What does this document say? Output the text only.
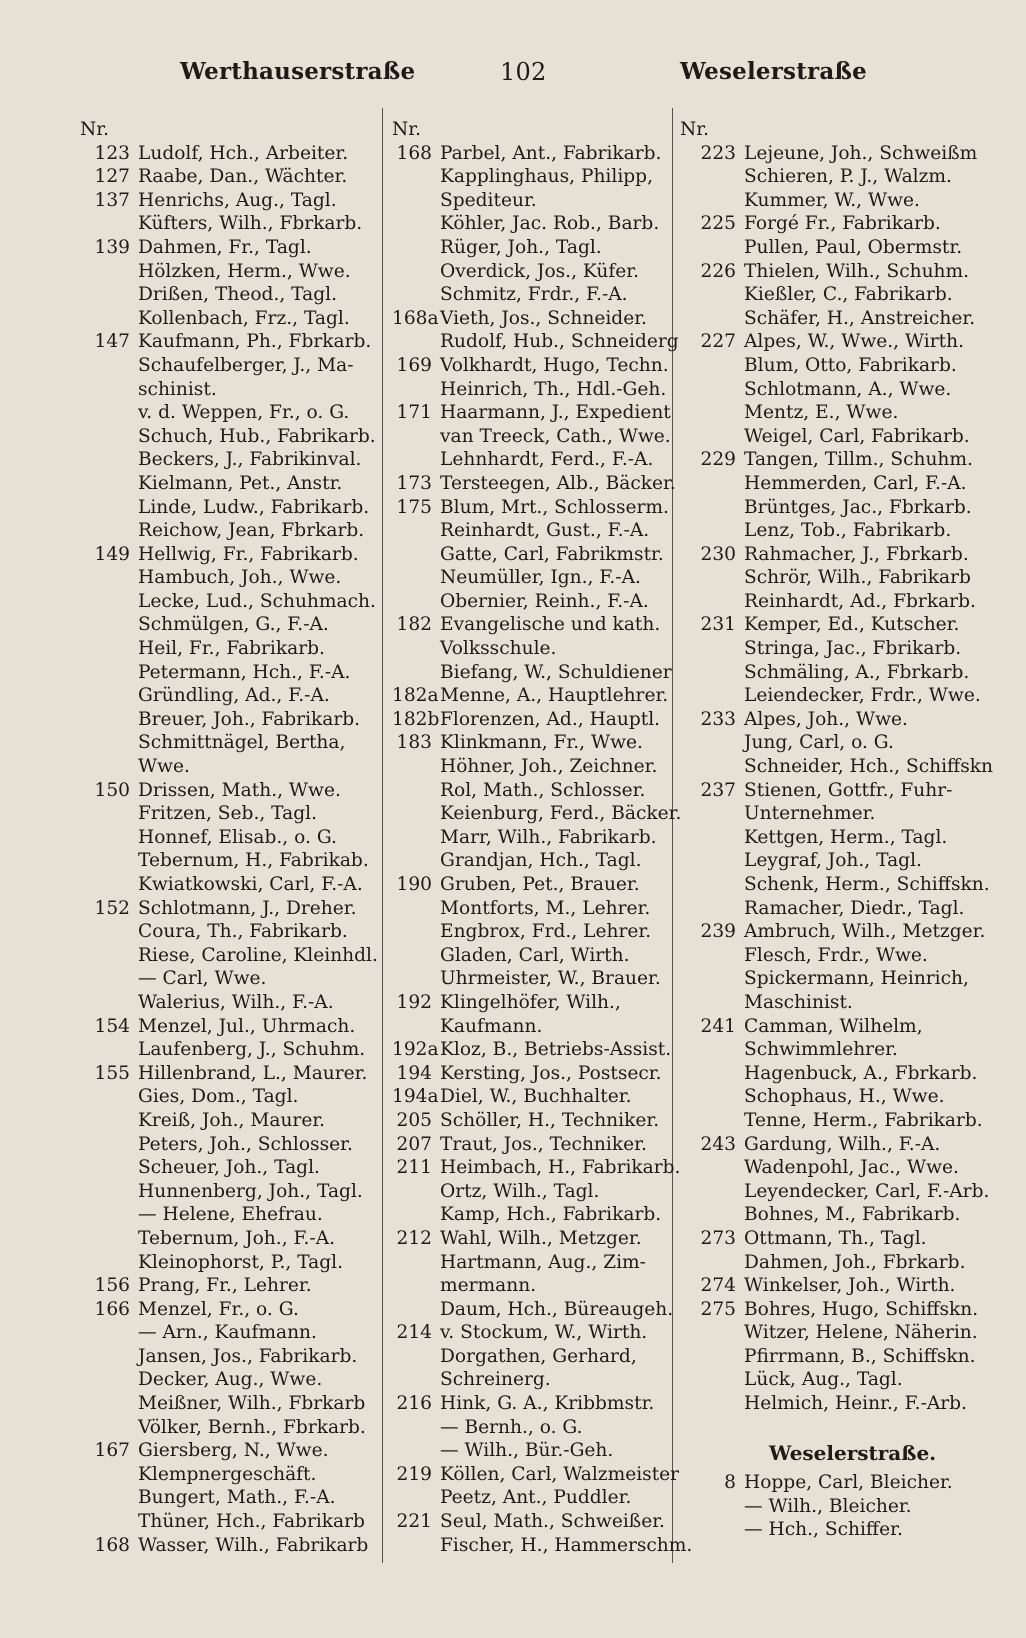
Werthauserstraße	102	Weselerstraße
Nr.
123 Ludolf, Hch., Arbeiter.
127 Raabe, Dan., Wächter.
137 Henrichs, Aug., Tagl.
Küfters, Wilh., Fbrkarb.
139 Dahmen, Fr., Tagl.
Hölzken, Herm., Wwe.
Drißen, Theod., Tagl.
Kollenbach, Frz., Tagl.
147 Kaufmann, Ph., Fbrkarb.
Schaufelberger, J., Ma-
schinist.
v. d. Weppen, Fr., o. G.
Schuch, Hub., Fabrikarb.
Beckers, J., Fabrikinval.
Kielmann, Pet., Anstr.
Linde, Ludw., Fabrikarb.
Reichow, Jean, Fbrkarb.
149 Hellwig, Fr., Fabrikarb.
Hambuch, Joh., Wwe.
Lecke, Lud., Schuhmach.
Schmülgen, G., F.-A.
Heil, Fr., Fabrikarb.
Petermann, Hch., F.-A.
Gründling, Ad., F.-A.
Breuer, Joh., Fabrikarb.
Schmittnägel, Bertha,
Wwe.
150 Drissen, Math., Wwe.
Fritzen, Seb., Tagl.
Honnef, Elisab., o. G.
Tebernum, H., Fabrikab.
Kwiatkowski, Carl, F.-A.
152 Schlotmann, J., Dreher.
Coura, Th., Fabrikarb.
Riese, Caroline, Kleinhdl.
— Carl, Wwe.
Walerius, Wilh., F.-A.
154 Menzel, Jul., Uhrmach.
Laufenberg, J., Schuhm.
155 Hillenbrand, L., Maurer.
Gies, Dom., Tagl.
Kreiß, Joh., Maurer.
Peters, Joh., Schlosser.
Scheuer, Joh., Tagl.
Hunnenberg, Joh., Tagl.
— Helene, Ehefrau.
Tebernum, Joh., F.-A.
Kleinophorst, P., Tagl.
156 Prang, Fr., Lehrer.
166 Menzel, Fr., o. G.
— Arn., Kaufmann.
Jansen, Jos., Fabrikarb.
Decker, Aug., Wwe.
Meißner, Wilh., Fbrkarb
Völker, Bernh., Fbrkarb.
167 Giersberg, N., Wwe.
Klempnergeschäft.
Bungert, Math., F.-A.
Thüner, Hch., Fabrikarb
168 Wasser, Wilh., Fabrikarb
Nr.
168 Parbel, Ant., Fabrikarb.
Kapplinghaus, Philipp,
Spediteur.
Köhler, Jac. Rob., Barb.
Rüger, Joh., Tagl.
Overdick, Jos., Küfer.
Schmitz, Frdr., F.-A.
168a Vieth, Jos., Schneider.
Rudolf, Hub., Schneiderg
169 Volkhardt, Hugo, Techn.
Heinrich, Th., Hdl.-Geh.
171 Haarmann, J., Expedient
van Treeck, Cath., Wwe.
Lehnhardt, Ferd., F.-A.
173 Tersteegen, Alb., Bäcker.
175 Blum, Mrt., Schlosserm.
Reinhardt, Gust., F.-A.
Gatte, Carl, Fabrikmstr.
Neumüller, Ign., F.-A.
Obernier, Reinh., F.-A.
182 Evangelische und kath.
Volksschule.
Biefang, W., Schuldiener
182a Menne, A., Hauptlehrer.
182b Florenzen, Ad., Hauptl.
183 Klinkmann, Fr., Wwe.
Höhner, Joh., Zeichner.
Rol, Math., Schlosser.
Keienburg, Ferd., Bäcker.
Marr, Wilh., Fabrikarb.
Grandjan, Hch., Tagl.
190 Gruben, Pet., Brauer.
Montforts, M., Lehrer.
Engbrox, Frd., Lehrer.
Gladen, Carl, Wirth.
Uhrmeister, W., Brauer.
192 Klingelhöfer, Wilh.,
Kaufmann.
192a Kloz, B., Betriebs-Assist.
194 Kersting, Jos., Postsecr.
194a Diel, W., Buchhalter.
205 Schöller, H., Techniker.
207 Traut, Jos., Techniker.
211 Heimbach, H., Fabrikarb.
Ortz, Wilh., Tagl.
Kamp, Hch., Fabrikarb.
212 Wahl, Wilh., Metzger.
Hartmann, Aug., Zim-
mermann.
Daum, Hch., Büreaugeh.
214 v. Stockum, W., Wirth.
Dorgathen, Gerhard,
Schreinerg.
216 Hink, G. A., Kribbmstr.
— Bernh., o. G.
— Wilh., Bür.-Geh.
219 Köllen, Carl, Walzmeister
Peetz, Ant., Puddler.
221 Seul, Math., Schweißer.
Fischer, H., Hammerschm.
Nr.
223 Lejeune, Joh., Schweißm
Schieren, P. J., Walzm.
Kummer, W., Wwe.
225 Forgé Fr., Fabrikarb.
Pullen, Paul, Obermstr.
226 Thielen, Wilh., Schuhm.
Kießler, C., Fabrikarb.
Schäfer, H., Anstreicher.
227 Alpes, W., Wwe., Wirth.
Blum, Otto, Fabrikarb.
Schlotmann, A., Wwe.
Mentz, E., Wwe.
Weigel, Carl, Fabrikarb.
229 Tangen, Tillm., Schuhm.
Hemmerden, Carl, F.-A.
Brüntges, Jac., Fbrkarb.
Lenz, Tob., Fabrikarb.
230 Rahmacher, J., Fbrkarb.
Schrör, Wilh., Fabrikarb
Reinhardt, Ad., Fbrkarb.
231 Kemper, Ed., Kutscher.
Stringa, Jac., Fbrikarb.
Schmäling, A., Fbrkarb.
Leiendecker, Frdr., Wwe.
233 Alpes, Joh., Wwe.
Jung, Carl, o. G.
Schneider, Hch., Schiffskn
237 Stienen, Gottfr., Fuhr-
Unternehmer.
Kettgen, Herm., Tagl.
Leygraf, Joh., Tagl.
Schenk, Herm., Schiffskn.
Ramacher, Diedr., Tagl.
239 Ambruch, Wilh., Metzger.
Flesch, Frdr., Wwe.
Spickermann, Heinrich,
Maschinist.
241 Camman, Wilhelm,
Schwimmlehrer.
Hagenbuck, A., Fbrkarb.
Schophaus, H., Wwe.
Tenne, Herm., Fabrikarb.
243 Gardung, Wilh., F.-A.
Wadenpohl, Jac., Wwe.
Leyendecker, Carl, F.-Arb.
Bohnes, M., Fabrikarb.
273 Ottmann, Th., Tagl.
Dahmen, Joh., Fbrkarb.
274 Winkelser, Joh., Wirth.
275 Bohres, Hugo, Schiffskn.
Witzer, Helene, Näherin.
Pfirrmann, B., Schiffskn.
Lück, Aug., Tagl.
Helmich, Heinr., F.-Arb.
Weselerstraße.
8 Hoppe, Carl, Bleicher.
— Wilh., Bleicher.
— Hch., Schiffer.
